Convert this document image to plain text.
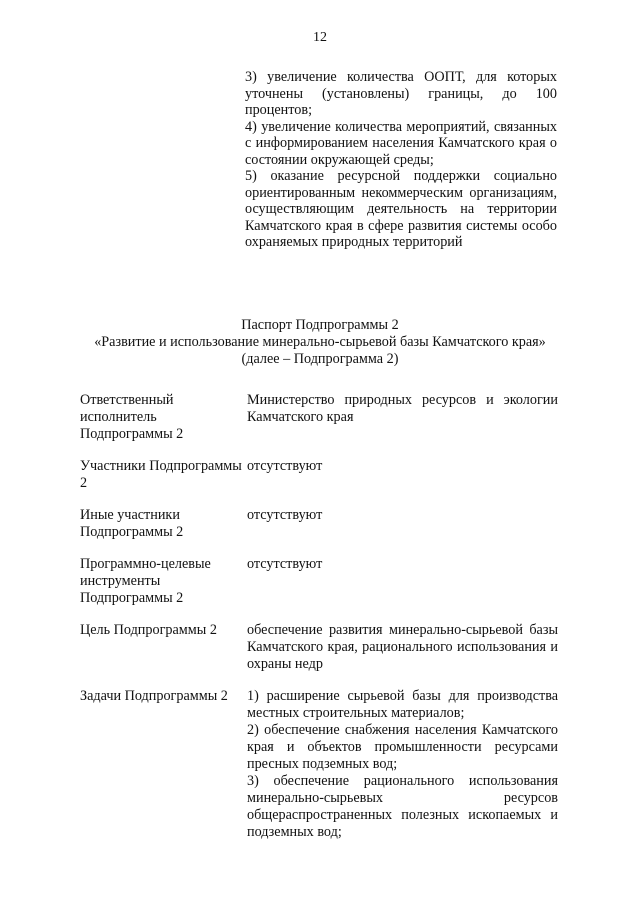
12

3) увеличение количества ООПТ, для которых уточнены (установлены) границы, до 100 процентов;

4) увеличение количества мероприятий, связанных с информированием населения Камчатского края о состоянии окружающей среды;

5) оказание ресурсной поддержки социально ориентированным некоммерческим организациям, осуществляющим деятельность на территории Камчатского края в сфере развития системы особо охраняемых природных территорий

Паспорт Подпрограммы 2
«Развитие и использование минерально-сырьевой базы Камчатского края»
(далее – Подпрограмма 2)
Ответственный исполнитель Подпрограммы 2
Министерство природных ресурсов и экологии Камчатского края
Участники Подпрограммы 2
отсутствуют
Иные участники Подпрограммы 2
отсутствуют
Программно-целевые инструменты Подпрограммы 2
отсутствуют
Цель Подпрограммы 2	обеспечение развития минерально-сырьевой базы Камчатского края, рационального использования и охраны недр
Задачи Подпрограммы 2	1) расширение сырьевой базы для производства местных строительных материалов;

2) обеспечение снабжения населения Камчатского края и объектов промышленности ресурсами пресных подземных вод;

3) обеспечение рационального использования минерально-сырьевых ресурсов общераспространенных полезных ископаемых и подземных вод;
